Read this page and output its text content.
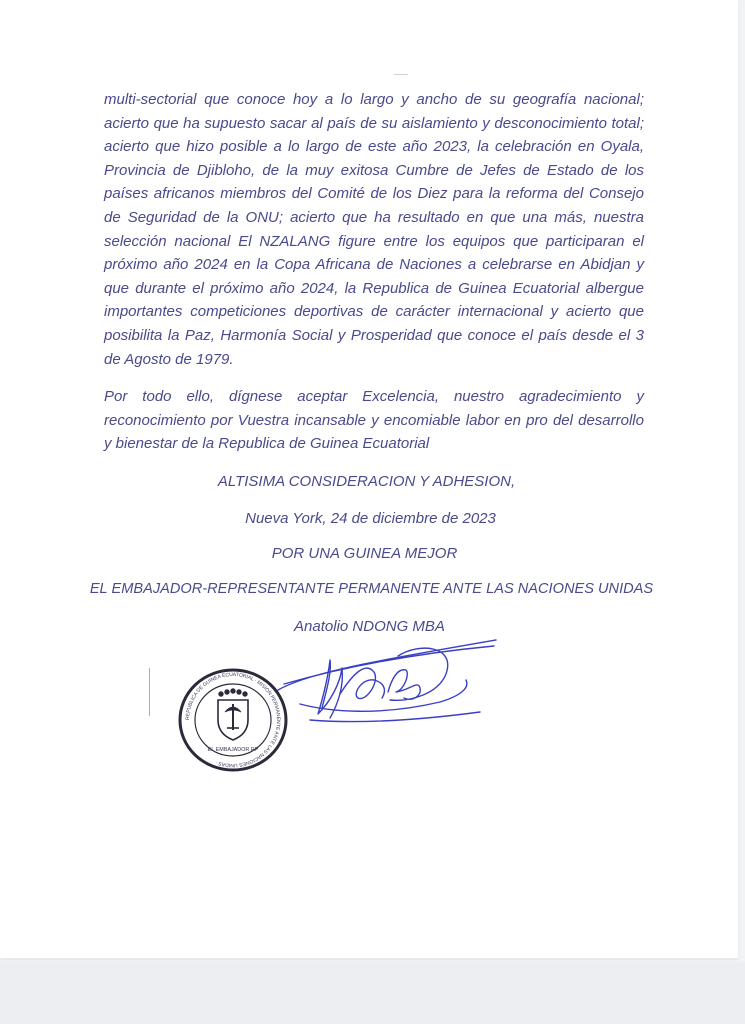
multi-sectorial que conoce hoy a lo largo y ancho de su geografía nacional; acierto que ha supuesto sacar al país de su aislamiento y desconocimiento total; acierto que hizo posible a lo largo de este año 2023, la celebración en Oyala, Provincia de Djibloho, de la muy exitosa Cumbre de Jefes de Estado de los países africanos miembros del Comité de los Diez para la reforma del Consejo de Seguridad de la ONU; acierto que ha resultado en que una más, nuestra selección nacional El NZALANG figure entre los equipos que participaran el próximo año 2024 en la Copa Africana de Naciones a celebrarse en Abidjan y que durante el próximo año 2024, la Republica de Guinea Ecuatorial albergue importantes competiciones deportivas de carácter internacional y acierto que posibilita la Paz, Harmonía Social y Prosperidad que conoce el país desde el 3 de Agosto de 1979.

Por todo ello, dígnese aceptar Excelencia, nuestro agradecimiento y reconocimiento por Vuestra incansable y encomiable labor en pro del desarrollo y bienestar de la Republica de Guinea Ecuatorial

ALTISIMA CONSIDERACION Y ADHESION,
Nueva York, 24 de diciembre de 2023
POR UNA GUINEA MEJOR
EL EMBAJADOR-REPRESENTANTE PERMANENTE ANTE LAS NACIONES UNIDAS
Anatolio NDONG MBA
REPUBLICA DE GUINEA ECUATORIAL · MISION PERMANENTE ANTE LAS NACIONES UNIDAS ·
EL EMBAJADOR RP
